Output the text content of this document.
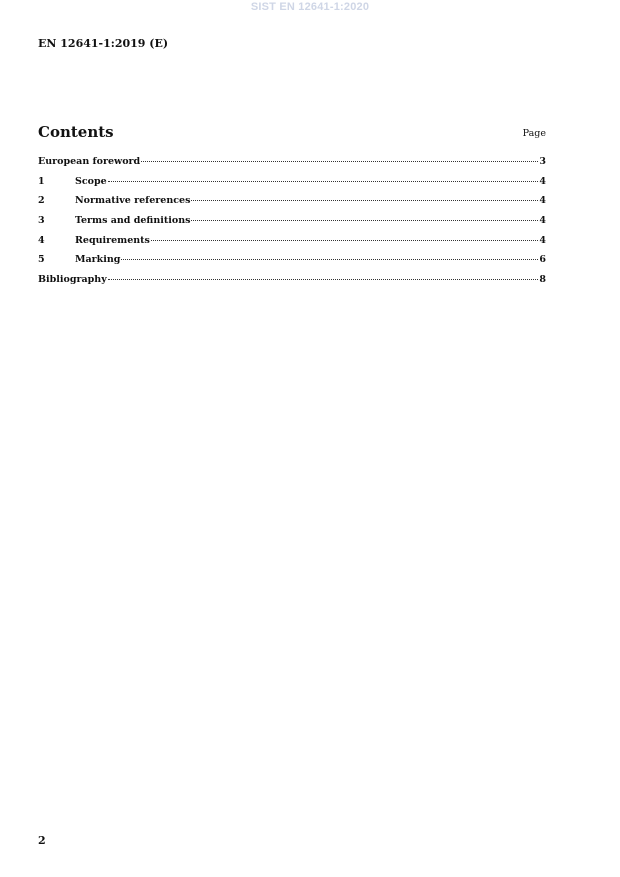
SIST EN 12641-1:2020
EN 12641-1:2019 (E)
Contents	Page
European foreword	3
1	Scope	4
2	Normative references	4
3	Terms and definitions	4
4	Requirements	4
5	Marking	6
Bibliography	8
2
